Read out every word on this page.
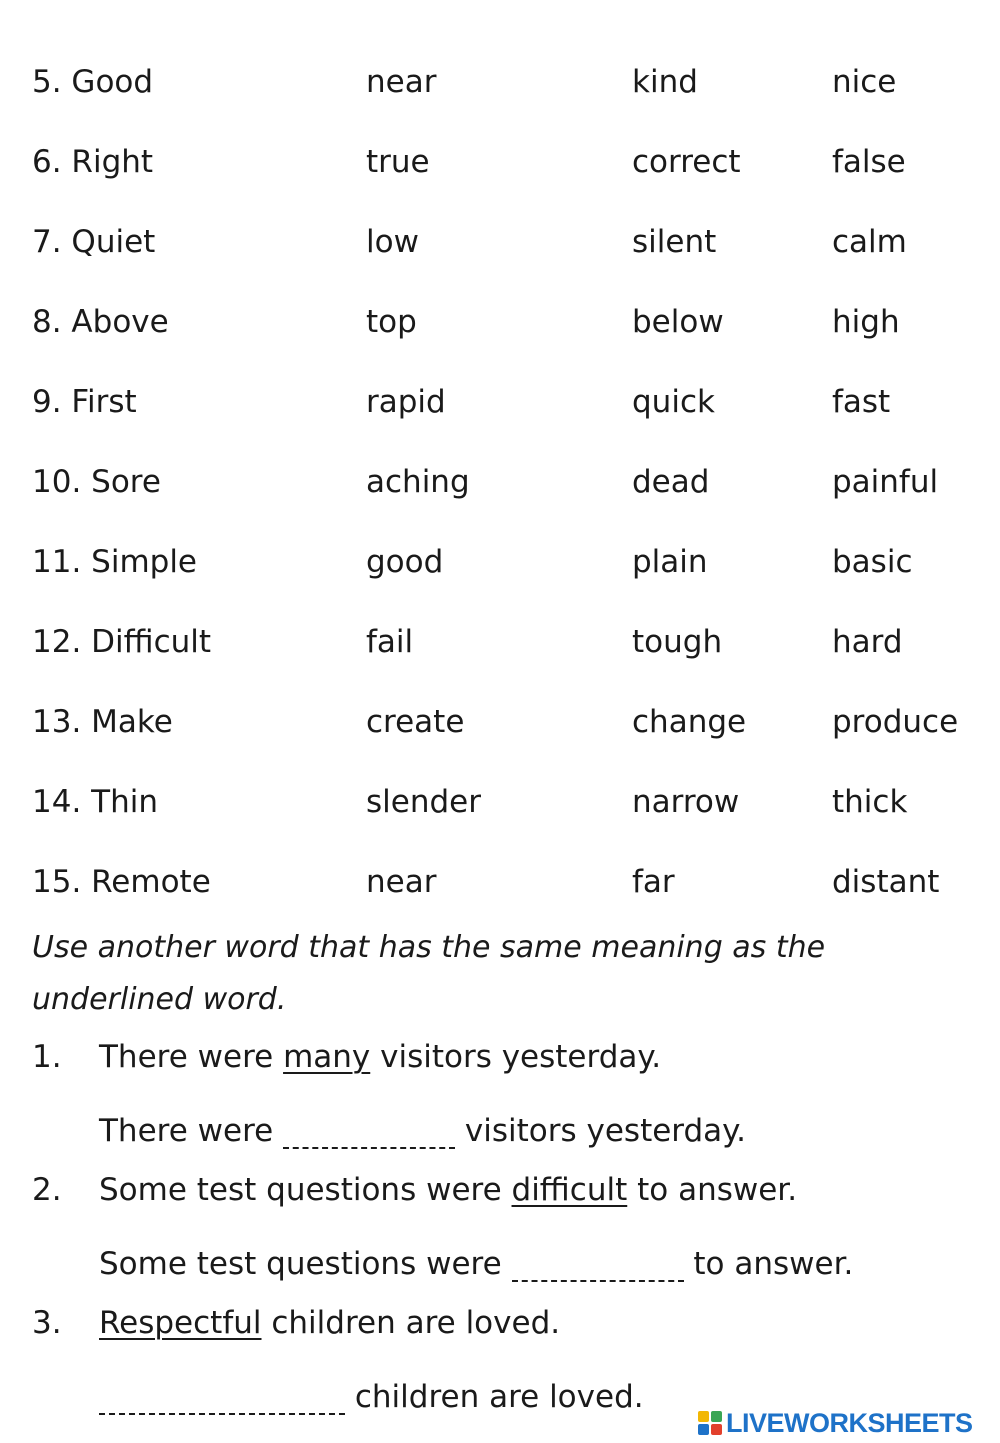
5. Good	near	kind	nice
6. Right	true	correct	false
7. Quiet	low	silent	calm
8. Above	top	below	high
9. First	rapid	quick	fast
10. Sore	aching	dead	painful
11. Simple	good	plain	basic
12. Difficult	fail	tough	hard
13. Make	create	change	produce
14. Thin	slender	narrow	thick
15. Remote	near	far	distant
Use another word that has the same meaning as the
underlined word.
1. There were many visitors yesterday.
There were	visitors yesterday.
2. Some test questions were difficult to answer.
Some test questions were	to answer.
3. Respectful children are loved.
children are loved.
LIVEWORKSHEETS
